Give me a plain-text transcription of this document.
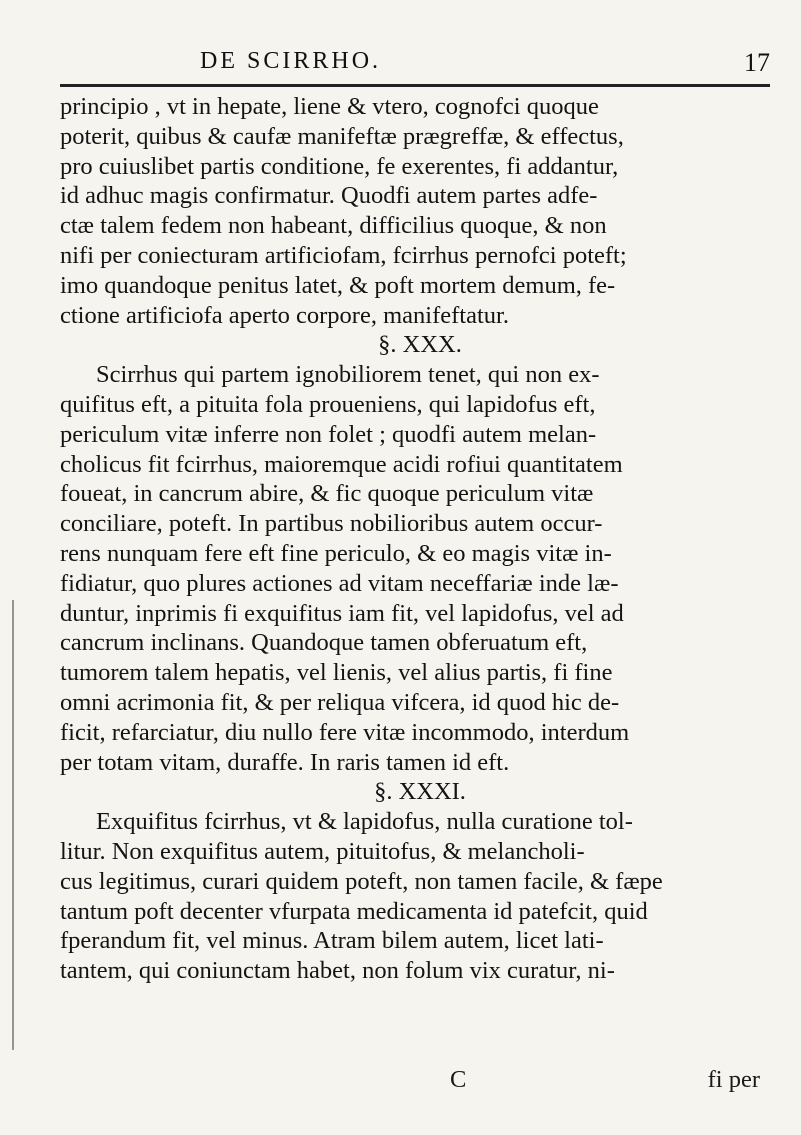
DE SCIRRHO.	17
principio , vt in hepate, liene & vtero, cognofci quoque
poterit, quibus & caufæ manifeftæ prægreffæ, & effectus,
pro cuiuslibet partis conditione, fe exerentes, fi addantur,
id adhuc magis confirmatur. Quodfi autem partes adfe-
ctæ talem fedem non habeant, difficilius quoque, & non
nifi per coniecturam artificiofam, fcirrhus pernofci poteft;
imo quandoque penitus latet, & poft mortem demum, fe-
ctione artificiofa aperto corpore, manifeftatur.
§. XXX.
Scirrhus qui partem ignobiliorem tenet, qui non ex-
quifitus eft, a pituita fola proueniens, qui lapidofus eft,
periculum vitæ inferre non folet ; quodfi autem melan-
cholicus fit fcirrhus, maioremque acidi rofiui quantitatem
foueat, in cancrum abire, & fic quoque periculum vitæ
conciliare, poteft. In partibus nobilioribus autem occur-
rens nunquam fere eft fine periculo, & eo magis vitæ in-
fidiatur, quo plures actiones ad vitam neceffariæ inde læ-
duntur, inprimis fi exquifitus iam fit, vel lapidofus, vel ad
cancrum inclinans. Quandoque tamen obferuatum eft,
tumorem talem hepatis, vel lienis, vel alius partis, fi fine
omni acrimonia fit, & per reliqua vifcera, id quod hic de-
ficit, refarciatur, diu nullo fere vitæ incommodo, interdum
per totam vitam, duraffe. In raris tamen id eft.
§. XXXI.
Exquifitus fcirrhus, vt & lapidofus, nulla curatione tol-
litur. Non exquifitus autem, pituitofus, & melancholi-
cus legitimus, curari quidem poteft, non tamen facile, & fæpe
tantum poft decenter vfurpata medicamenta id patefcit, quid
fperandum fit, vel minus. Atram bilem autem, licet lati-
tantem, qui coniunctam habet, non folum vix curatur, ni-
C	fi per
